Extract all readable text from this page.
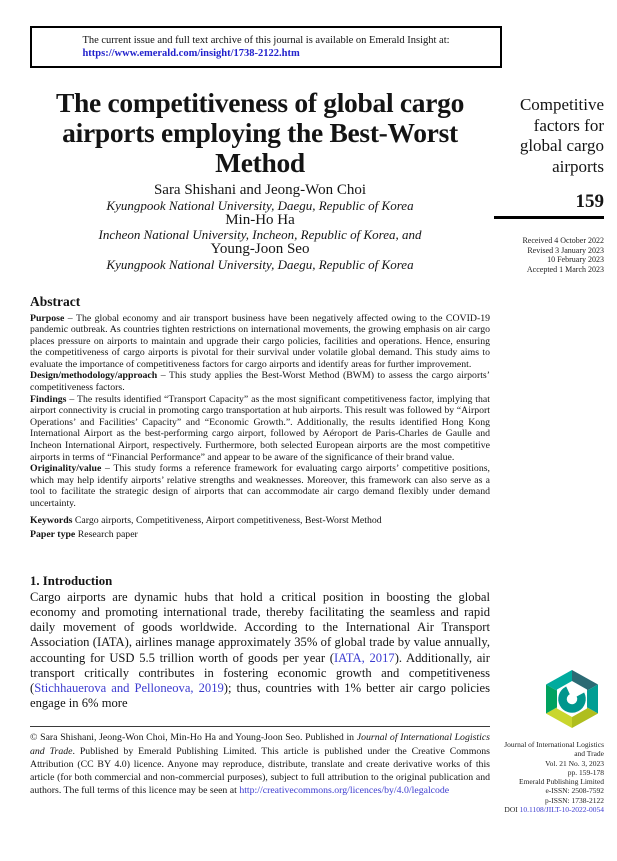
The current issue and full text archive of this journal is available on Emerald Insight at:
https://www.emerald.com/insight/1738-2122.htm
The competitiveness of global cargo airports employing the Best-Worst Method
Sara Shishani and Jeong-Won Choi
Kyungpook National University, Daegu, Republic of Korea
Min-Ho Ha
Incheon National University, Incheon, Republic of Korea, and
Young-Joon Seo
Kyungpook National University, Daegu, Republic of Korea
Abstract

Purpose – The global economy and air transport business have been negatively affected owing to the COVID-19 pandemic outbreak. As countries tighten restrictions on international movements, the growing emphasis on air cargo places pressure on airports to maintain and upgrade their cargo policies, facilities and operations. Hence, ensuring the competitiveness of cargo airports is pivotal for their survival under volatile global demand. This study aims to evaluate the importance of competitiveness factors for cargo airports and identify areas for further improvement.

Design/methodology/approach – This study applies the Best-Worst Method (BWM) to assess the cargo airports’ competitiveness factors.

Findings – The results identified “Transport Capacity” as the most significant competitiveness factor, implying that airport connectivity is crucial in promoting cargo transportation at hub airports. This result was followed by “Airport Operations’ and Facilities’ Capacity” and “Economic Growth.”. Additionally, the results identified Hong Kong International Airport as the best-performing cargo airport, followed by Aéroport de Paris-Charles de Gaulle and Incheon International Airport, respectively. Furthermore, both selected European airports are the most competitive airports in terms of “Financial Performance” and appear to be aware of the significance of their brand value.

Originality/value – This study forms a reference framework for evaluating cargo airports’ competitive positions, which may help identify airports’ relative strengths and weaknesses. Moreover, this framework can also serve as a tool to facilitate the strategic design of airports that can accommodate air cargo demand flexibly under demand uncertainty.

Keywords Cargo airports, Competitiveness, Airport competitiveness, Best-Worst Method
Paper type Research paper
1. Introduction

Cargo airports are dynamic hubs that hold a critical position in boosting the global economy and promoting international trade, thereby facilitating the seamless and rapid daily movement of goods worldwide. According to the International Air Transport Association (IATA), airlines manage approximately 35% of global trade by value annually, accounting for USD 5.5 trillion worth of goods per year (IATA, 2017). Additionally, air transport critically contributes in fostering economic growth and competitiveness (Stichhauerova and Pelloneova, 2019); thus, countries with 1% better air cargo policies engage in 6% more

© Sara Shishani, Jeong-Won Choi, Min-Ho Ha and Young-Joon Seo. Published in Journal of International Logistics and Trade. Published by Emerald Publishing Limited. This article is published under the Creative Commons Attribution (CC BY 4.0) licence. Anyone may reproduce, distribute, translate and create derivative works of this article (for both commercial and non-commercial purposes), subject to full attribution to the original publication and authors. The full terms of this licence may be seen at http://creativecommons.org/licences/by/4.0/legalcode
Competitive factors for global cargo airports
159
Received 4 October 2022
Revised 3 January 2023
10 February 2023
Accepted 1 March 2023
Journal of International Logistics
and Trade
Vol. 21 No. 3, 2023
pp. 159-178
Emerald Publishing Limited
e-ISSN: 2508-7592
p-ISSN: 1738-2122
DOI 10.1108/JILT-10-2022-0054
